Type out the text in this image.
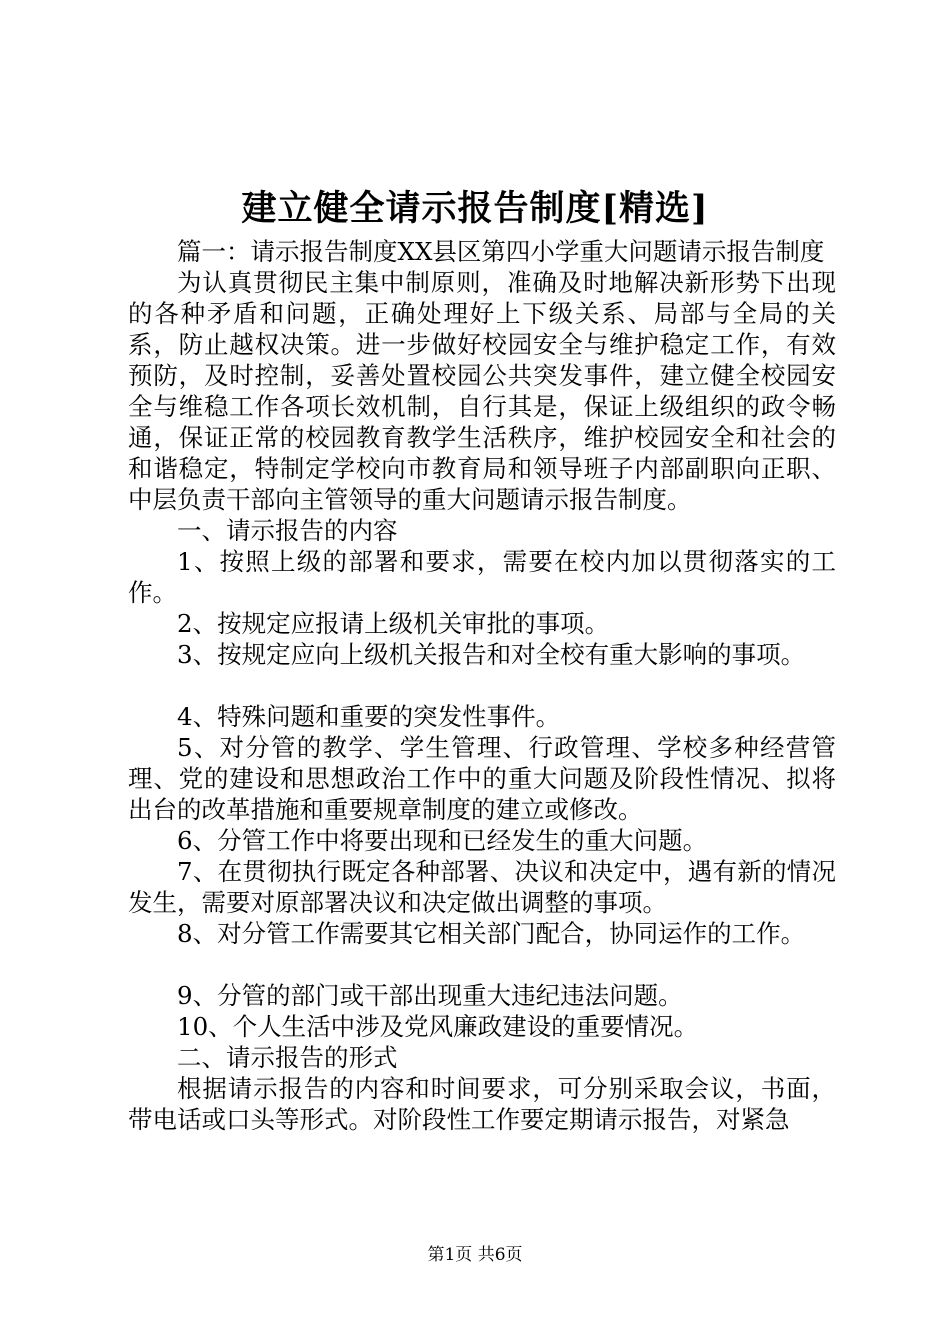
建立健全请示报告制度[精选]

篇一：请示报告制度XX县区第四小学重大问题请示报告制度

为认真贯彻民主集中制原则，准确及时地解决新形势下出现的各种矛盾和问题，正确处理好上下级关系、局部与全局的关系，防止越权决策。进一步做好校园安全与维护稳定工作，有效预防，及时控制，妥善处置校园公共突发事件，建立健全校园安全与维稳工作各项长效机制，自行其是，保证上级组织的政令畅通，保证正常的校园教育教学生活秩序，维护校园安全和社会的和谐稳定，特制定学校向市教育局和领导班子内部副职向正职、中层负责干部向主管领导的重大问题请示报告制度。

一、请示报告的内容

1、按照上级的部署和要求，需要在校内加以贯彻落实的工作。

2、按规定应报请上级机关审批的事项。

3、按规定应向上级机关报告和对全校有重大影响的事项。

4、特殊问题和重要的突发性事件。

5、对分管的教学、学生管理、行政管理、学校多种经营管理、党的建设和思想政治工作中的重大问题及阶段性情况、拟将出台的改革措施和重要规章制度的建立或修改。

6、分管工作中将要出现和已经发生的重大问题。

7、在贯彻执行既定各种部署、决议和决定中，遇有新的情况发生，需要对原部署决议和决定做出调整的事项。

8、对分管工作需要其它相关部门配合，协同运作的工作。

9、分管的部门或干部出现重大违纪违法问题。

10、个人生活中涉及党风廉政建设的重要情况。

二、请示报告的形式

根据请示报告的内容和时间要求，可分别采取会议，书面，带电话或口头等形式。对阶段性工作要定期请示报告，对紧急

第1页 共6页
